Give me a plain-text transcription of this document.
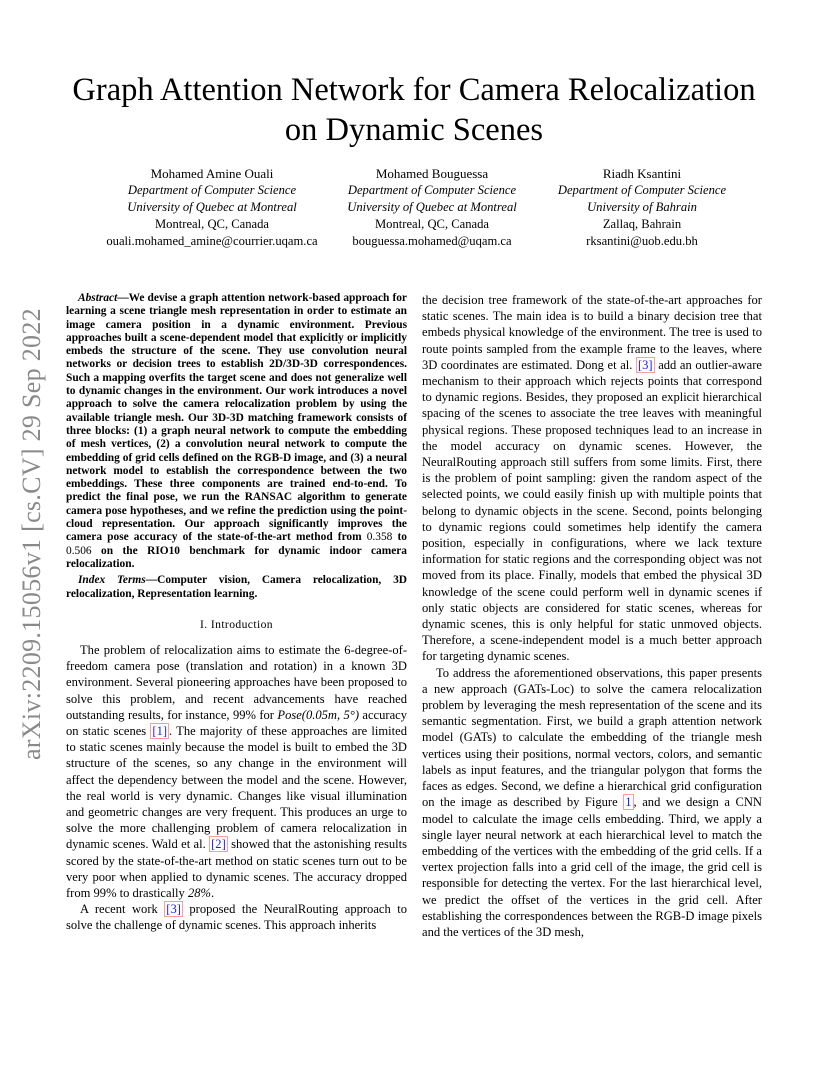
arXiv:2209.15056v1 [cs.CV] 29 Sep 2022
Graph Attention Network for Camera Relocalization
on Dynamic Scenes
Mohamed Amine Ouali
Department of Computer Science
University of Quebec at Montreal
Montreal, QC, Canada
ouali.mohamed_amine@courrier.uqam.ca
Mohamed Bouguessa
Department of Computer Science
University of Quebec at Montreal
Montreal, QC, Canada
bouguessa.mohamed@uqam.ca
Riadh Ksantini
Department of Computer Science
University of Bahrain
Zallaq, Bahrain
rksantini@uob.edu.bh

Abstract—We devise a graph attention network-based approach for learning a scene triangle mesh representation in order to estimate an image camera position in a dynamic environment. Previous approaches built a scene-dependent model that explicitly or implicitly embeds the structure of the scene. They use convolution neural networks or decision trees to establish 2D/3D-3D correspondences. Such a mapping overfits the target scene and does not generalize well to dynamic changes in the environment. Our work introduces a novel approach to solve the camera relocalization problem by using the available triangle mesh. Our 3D-3D matching framework consists of three blocks: (1) a graph neural network to compute the embedding of mesh vertices, (2) a convolution neural network to compute the embedding of grid cells defined on the RGB-D image, and (3) a neural network model to establish the correspondence between the two embeddings. These three components are trained end-to-end. To predict the final pose, we run the RANSAC algorithm to generate camera pose hypotheses, and we refine the prediction using the point-cloud representation. Our approach significantly improves the camera pose accuracy of the state-of-the-art method from 0.358 to 0.506 on the RIO10 benchmark for dynamic indoor camera relocalization.

Index Terms—Computer vision, Camera relocalization, 3D relocalization, Representation learning.

I. Introduction

The problem of relocalization aims to estimate the 6-degree-of-freedom camera pose (translation and rotation) in a known 3D environment. Several pioneering approaches have been proposed to solve this problem, and recent advancements have reached outstanding results, for instance, 99% for Pose(0.05m, 5°) accuracy on static scenes [1] . The majority of these approaches are limited to static scenes mainly because the model is built to embed the 3D structure of the scenes, so any change in the environment will affect the dependency between the model and the scene. However, the real world is very dynamic. Changes like visual illumination and geometric changes are very frequent. This produces an urge to solve the more challenging problem of camera relocalization in dynamic scenes. Wald et al. [2] showed that the astonishing results scored by the state-of-the-art method on static scenes turn out to be very poor when applied to dynamic scenes. The accuracy dropped from 99% to drastically 28%.

A recent work [3] proposed the NeuralRouting approach to solve the challenge of dynamic scenes. This approach inherits

the decision tree framework of the state-of-the-art approaches for static scenes. The main idea is to build a binary decision tree that embeds physical knowledge of the environment. The tree is used to route points sampled from the example frame to the leaves, where 3D coordinates are estimated. Dong et al. [3] add an outlier-aware mechanism to their approach which rejects points that correspond to dynamic regions. Besides, they proposed an explicit hierarchical spacing of the scenes to associate the tree leaves with meaningful physical regions. These proposed techniques lead to an increase in the model accuracy on dynamic scenes. However, the NeuralRouting approach still suffers from some limits. First, there is the problem of point sampling: given the random aspect of the selected points, we could easily finish up with multiple points that belong to dynamic objects in the scene. Second, points belonging to dynamic regions could sometimes help identify the camera position, especially in configurations, where we lack texture information for static regions and the corresponding object was not moved from its place. Finally, models that embed the physical 3D knowledge of the scene could perform well in dynamic scenes if only static objects are considered for static scenes, whereas for dynamic scenes, this is only helpful for static unmoved objects. Therefore, a scene-independent model is a much better approach for targeting dynamic scenes.

To address the aforementioned observations, this paper presents a new approach (GATs-Loc) to solve the camera relocalization problem by leveraging the mesh representation of the scene and its semantic segmentation. First, we build a graph attention network model (GATs) to calculate the embedding of the triangle mesh vertices using their positions, normal vectors, colors, and semantic labels as input features, and the triangular polygon that forms the faces as edges. Second, we define a hierarchical grid configuration on the image as described by Figure 1 , and we design a CNN model to calculate the image cells embedding. Third, we apply a single layer neural network at each hierarchical level to match the embedding of the vertices with the embedding of the grid cells. If a vertex projection falls into a grid cell of the image, the grid cell is responsible for detecting the vertex. For the last hierarchical level, we predict the offset of the vertices in the grid cell. After establishing the correspondences between the RGB-D image pixels and the vertices of the 3D mesh,
